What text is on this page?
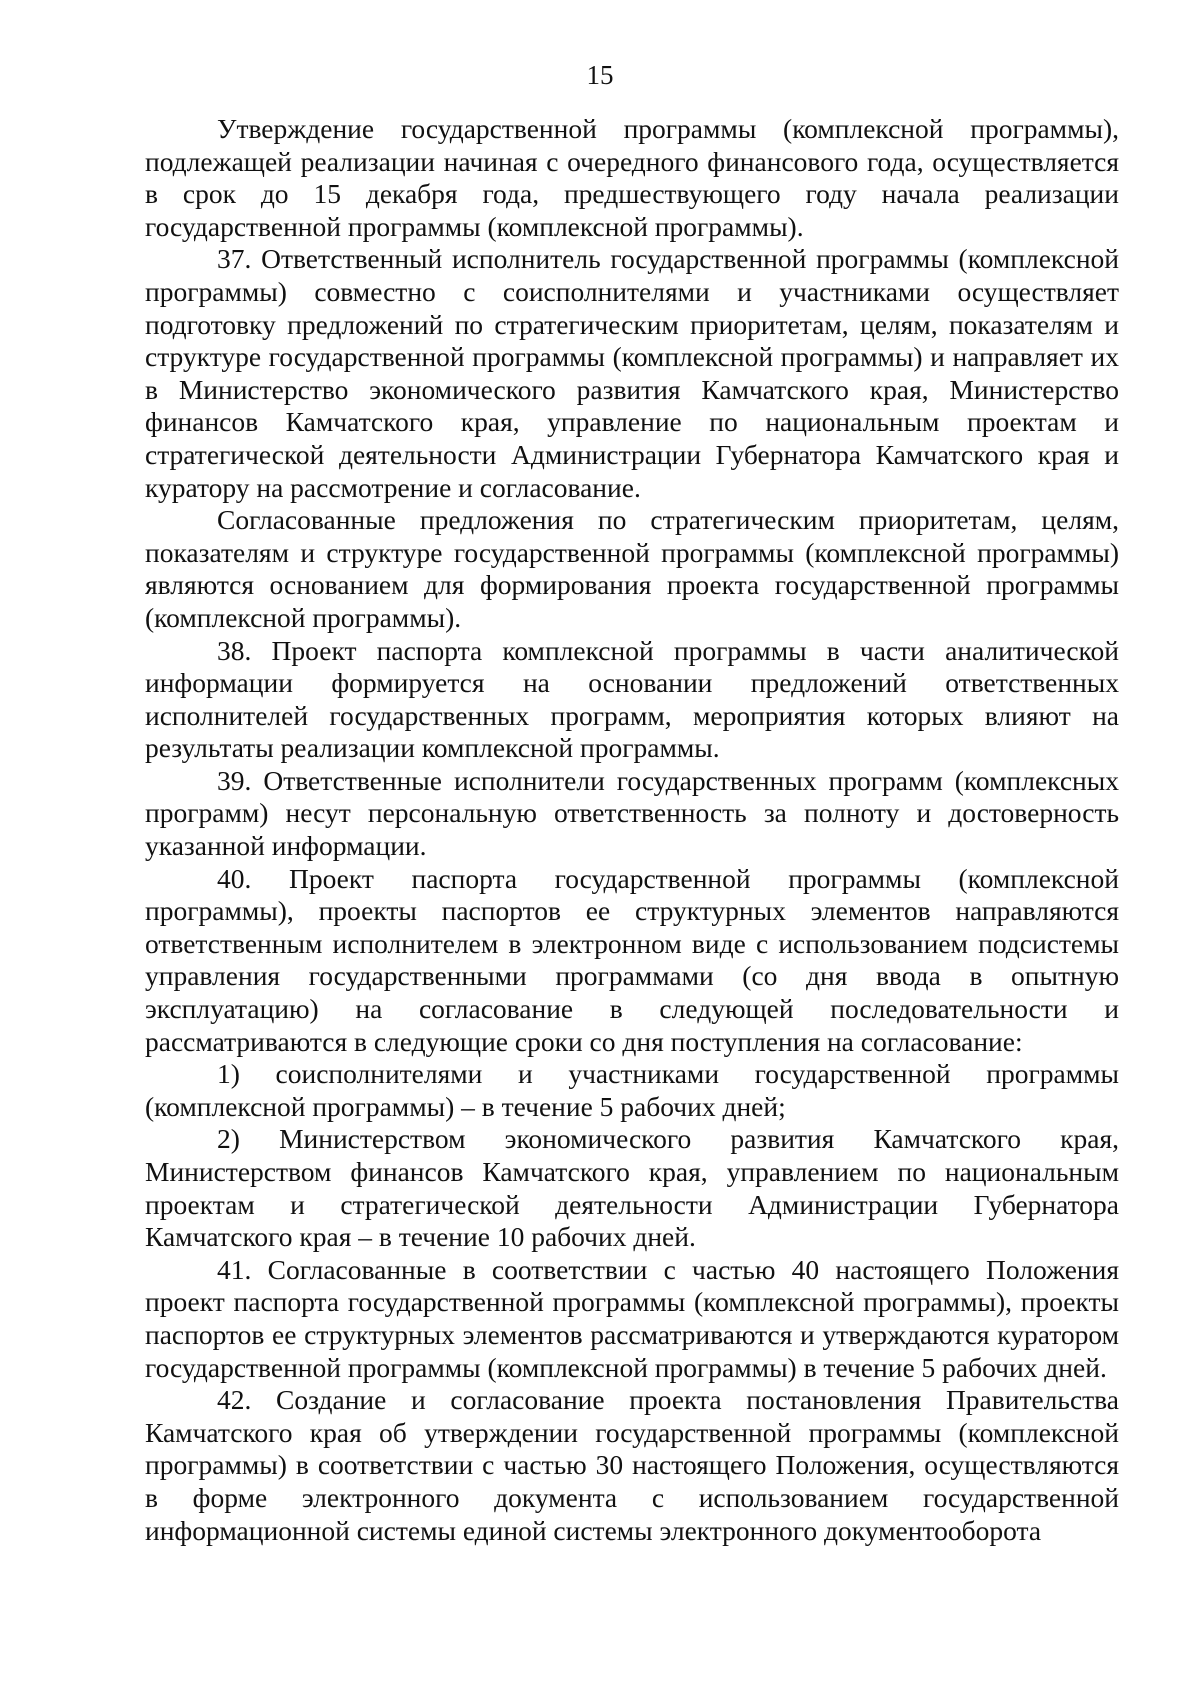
15

Утверждение государственной программы (комплексной программы), подлежащей реализации начиная с очередного финансового года, осуществляется в срок до 15 декабря года, предшествующего году начала реализации государственной программы (комплексной программы).

37. Ответственный исполнитель государственной программы (комплексной программы) совместно с соисполнителями и участниками осуществляет подготовку предложений по стратегическим приоритетам, целям, показателям и структуре государственной программы (комплексной программы) и направляет их в Министерство экономического развития Камчатского края, Министерство финансов Камчатского края, управление по национальным проектам и стратегической деятельности Администрации Губернатора Камчатского края и куратору на рассмотрение и согласование.

Согласованные предложения по стратегическим приоритетам, целям, показателям и структуре государственной программы (комплексной программы) являются основанием для формирования проекта государственной программы (комплексной программы).

38. Проект паспорта комплексной программы в части аналитической информации формируется на основании предложений ответственных исполнителей государственных программ, мероприятия которых влияют на результаты реализации комплексной программы.

39. Ответственные исполнители государственных программ (комплексных программ) несут персональную ответственность за полноту и достоверность указанной информации.

40. Проект паспорта государственной программы (комплексной программы), проекты паспортов ее структурных элементов направляются ответственным исполнителем в электронном виде с использованием подсистемы управления государственными программами (со дня ввода в опытную эксплуатацию) на согласование в следующей последовательности и рассматриваются в следующие сроки со дня поступления на согласование:

1) соисполнителями и участниками государственной программы (комплексной программы) – в течение 5 рабочих дней;

2) Министерством экономического развития Камчатского края, Министерством финансов Камчатского края, управлением по национальным проектам и стратегической деятельности Администрации Губернатора Камчатского края – в течение 10 рабочих дней.

41. Согласованные в соответствии с частью 40 настоящего Положения проект паспорта государственной программы (комплексной программы), проекты паспортов ее структурных элементов рассматриваются и утверждаются куратором государственной программы (комплексной программы) в течение 5 рабочих дней.

42. Создание и согласование проекта постановления Правительства Камчатского края об утверждении государственной программы (комплексной программы) в соответствии с частью 30 настоящего Положения, осуществляются в форме электронного документа с использованием государственной информационной системы единой системы электронного документооборота
